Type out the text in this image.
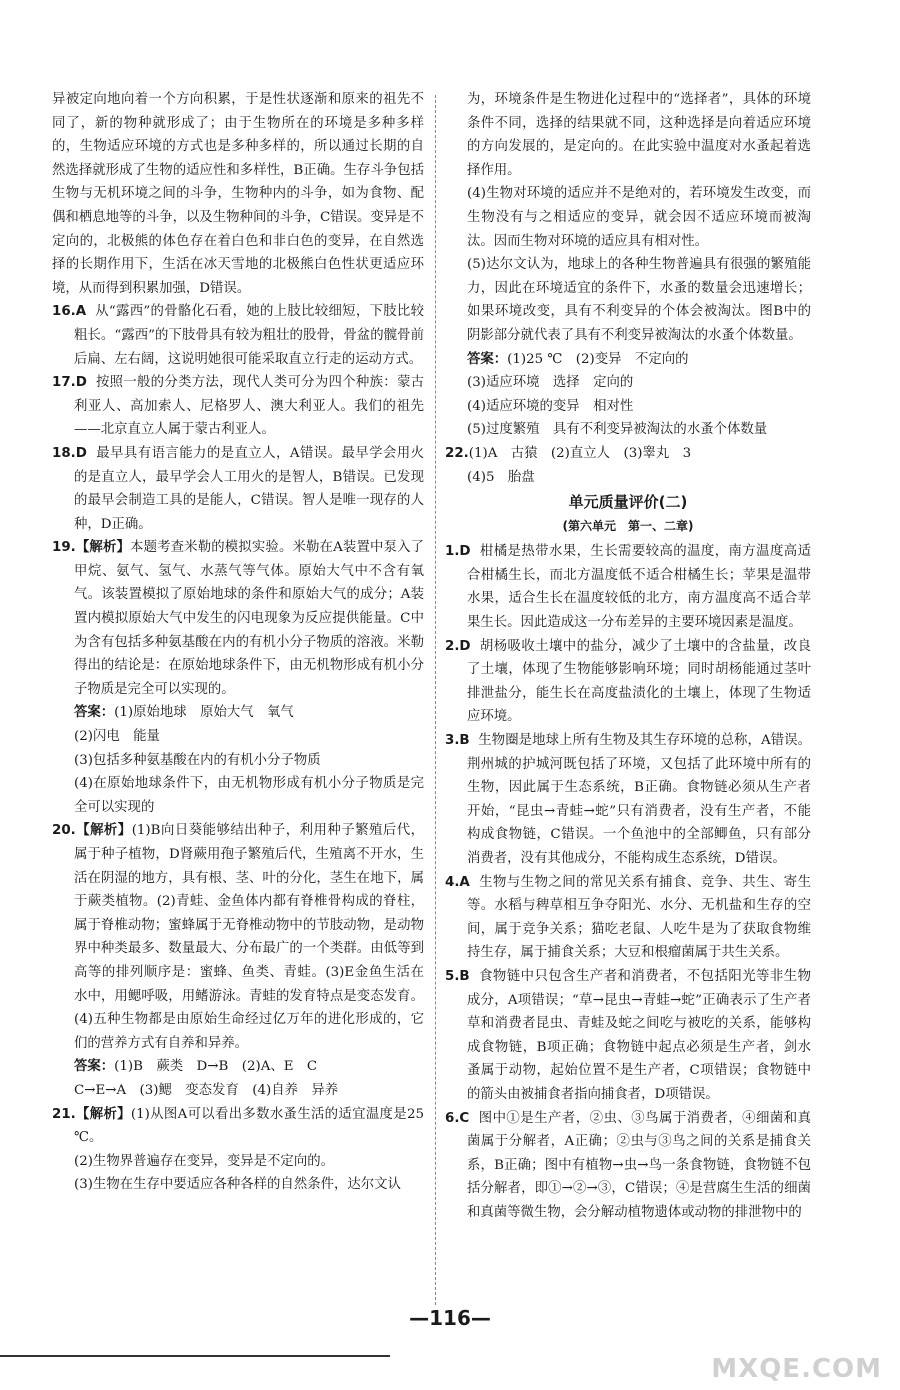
异被定向地向着一个方向积累，于是性状逐渐和原来的祖先不同了，新的物种就形成了；由于生物所在的环境是多种多样的，生物适应环境的方式也是多种多样的，所以通过长期的自然选择就形成了生物的适应性和多样性，B正确。生存斗争包括生物与无机环境之间的斗争，生物种内的斗争，如为食物、配偶和栖息地等的斗争，以及生物种间的斗争，C错误。变异是不定向的，北极熊的体色存在着白色和非白色的变异，在自然选择的长期作用下，生活在冰天雪地的北极熊白色性状更适应环境，从而得到积累加强，D错误。

16.A 从“露西”的骨骼化石看，她的上肢比较细短，下肢比较粗长。“露西”的下肢骨具有较为粗壮的股骨，骨盆的髋骨前后扁、左右阔，这说明她很可能采取直立行走的运动方式。

17.D 按照一般的分类方法，现代人类可分为四个种族：蒙古利亚人、高加索人、尼格罗人、澳大利亚人。我们的祖先——北京直立人属于蒙古利亚人。

18.D 最早具有语言能力的是直立人，A错误。最早学会用火的是直立人，最早学会人工用火的是智人，B错误。已发现的最早会制造工具的是能人，C错误。智人是唯一现存的人种，D正确。

19.【解析】本题考查米勒的模拟实验。米勒在A装置中泵入了甲烷、氨气、氢气、水蒸气等气体。原始大气中不含有氧气。该装置模拟了原始地球的条件和原始大气的成分；A装置内模拟原始大气中发生的闪电现象为反应提供能量。C中为含有包括多种氨基酸在内的有机小分子物质的溶液。米勒得出的结论是：在原始地球条件下，由无机物形成有机小分子物质是完全可以实现的。

答案：(1)原始地球　原始大气　氧气

(2)闪电　能量

(3)包括多种氨基酸在内的有机小分子物质

(4)在原始地球条件下，由无机物形成有机小分子物质是完全可以实现的

20.【解析】(1)B向日葵能够结出种子，利用种子繁殖后代，属于种子植物，D肾蕨用孢子繁殖后代，生殖离不开水，生活在阴湿的地方，具有根、茎、叶的分化，茎生在地下，属于蕨类植物。(2)青蛙、金鱼体内都有脊椎骨构成的脊柱，属于脊椎动物；蜜蜂属于无脊椎动物中的节肢动物，是动物界中种类最多、数量最大、分布最广的一个类群。由低等到高等的排列顺序是：蜜蜂、鱼类、青蛙。(3)E金鱼生活在水中，用鳃呼吸，用鳍游泳。青蛙的发育特点是变态发育。(4)五种生物都是由原始生命经过亿万年的进化形成的，它们的营养方式有自养和异养。

答案：(1)B　蕨类　D→B　(2)A、E　C

C→E→A　(3)鳃　变态发育　(4)自养　异养

21.【解析】(1)从图A可以看出多数水蚤生活的适宜温度是25 ℃。

(2)生物界普遍存在变异，变异是不定向的。

(3)生物在生存中要适应各种各样的自然条件，达尔文认

为，环境条件是生物进化过程中的“选择者”，具体的环境条件不同，选择的结果就不同，这种选择是向着适应环境的方向发展的，是定向的。在此实验中温度对水蚤起着选择作用。

(4)生物对环境的适应并不是绝对的，若环境发生改变，而生物没有与之相适应的变异，就会因不适应环境而被淘汰。因而生物对环境的适应具有相对性。

(5)达尔文认为，地球上的各种生物普遍具有很强的繁殖能力，因此在环境适宜的条件下，水蚤的数量会迅速增长；如果环境改变，具有不利变异的个体会被淘汰。图B中的阴影部分就代表了具有不利变异被淘汰的水蚤个体数量。

答案：(1)25 ℃　(2)变异　不定向的

(3)适应环境　选择　定向的

(4)适应环境的变异　相对性

(5)过度繁殖　具有不利变异被淘汰的水蚤个体数量

22.(1)A　古猿　(2)直立人　(3)睾丸　3

(4)5　胎盘

单元质量评价(二)

(第六单元　第一、二章)

1.D 柑橘是热带水果，生长需要较高的温度，南方温度高适合柑橘生长，而北方温度低不适合柑橘生长；苹果是温带水果，适合生长在温度较低的北方，南方温度高不适合苹果生长。因此造成这一分布差异的主要环境因素是温度。

2.D 胡杨吸收土壤中的盐分，减少了土壤中的含盐量，改良了土壤，体现了生物能够影响环境；同时胡杨能通过茎叶排泄盐分，能生长在高度盐渍化的土壤上，体现了生物适应环境。

3.B 生物圈是地球上所有生物及其生存环境的总称，A错误。荆州城的护城河既包括了环境，又包括了此环境中所有的生物，因此属于生态系统，B正确。食物链必须从生产者开始，“昆虫→青蛙→蛇”只有消费者，没有生产者，不能构成食物链，C错误。一个鱼池中的全部鲫鱼，只有部分消费者，没有其他成分，不能构成生态系统，D错误。

4.A 生物与生物之间的常见关系有捕食、竞争、共生、寄生等。水稻与稗草相互争夺阳光、水分、无机盐和生存的空间，属于竞争关系；猫吃老鼠、人吃牛是为了获取食物维持生存，属于捕食关系；大豆和根瘤菌属于共生关系。

5.B 食物链中只包含生产者和消费者，不包括阳光等非生物成分，A项错误；“草→昆虫→青蛙→蛇”正确表示了生产者草和消费者昆虫、青蛙及蛇之间吃与被吃的关系，能够构成食物链，B项正确；食物链中起点必须是生产者，剑水蚤属于动物，起始位置不是生产者，C项错误；食物链中的箭头由被捕食者指向捕食者，D项错误。

6.C 图中①是生产者，②虫、③鸟属于消费者，④细菌和真菌属于分解者，A正确；②虫与③鸟之间的关系是捕食关系，B正确；图中有植物→虫→鸟一条食物链，食物链不包括分解者，即①→②→③，C错误；④是营腐生生活的细菌和真菌等微生物，会分解动植物遗体或动物的排泄物中的

—116—
MXQE.COM
